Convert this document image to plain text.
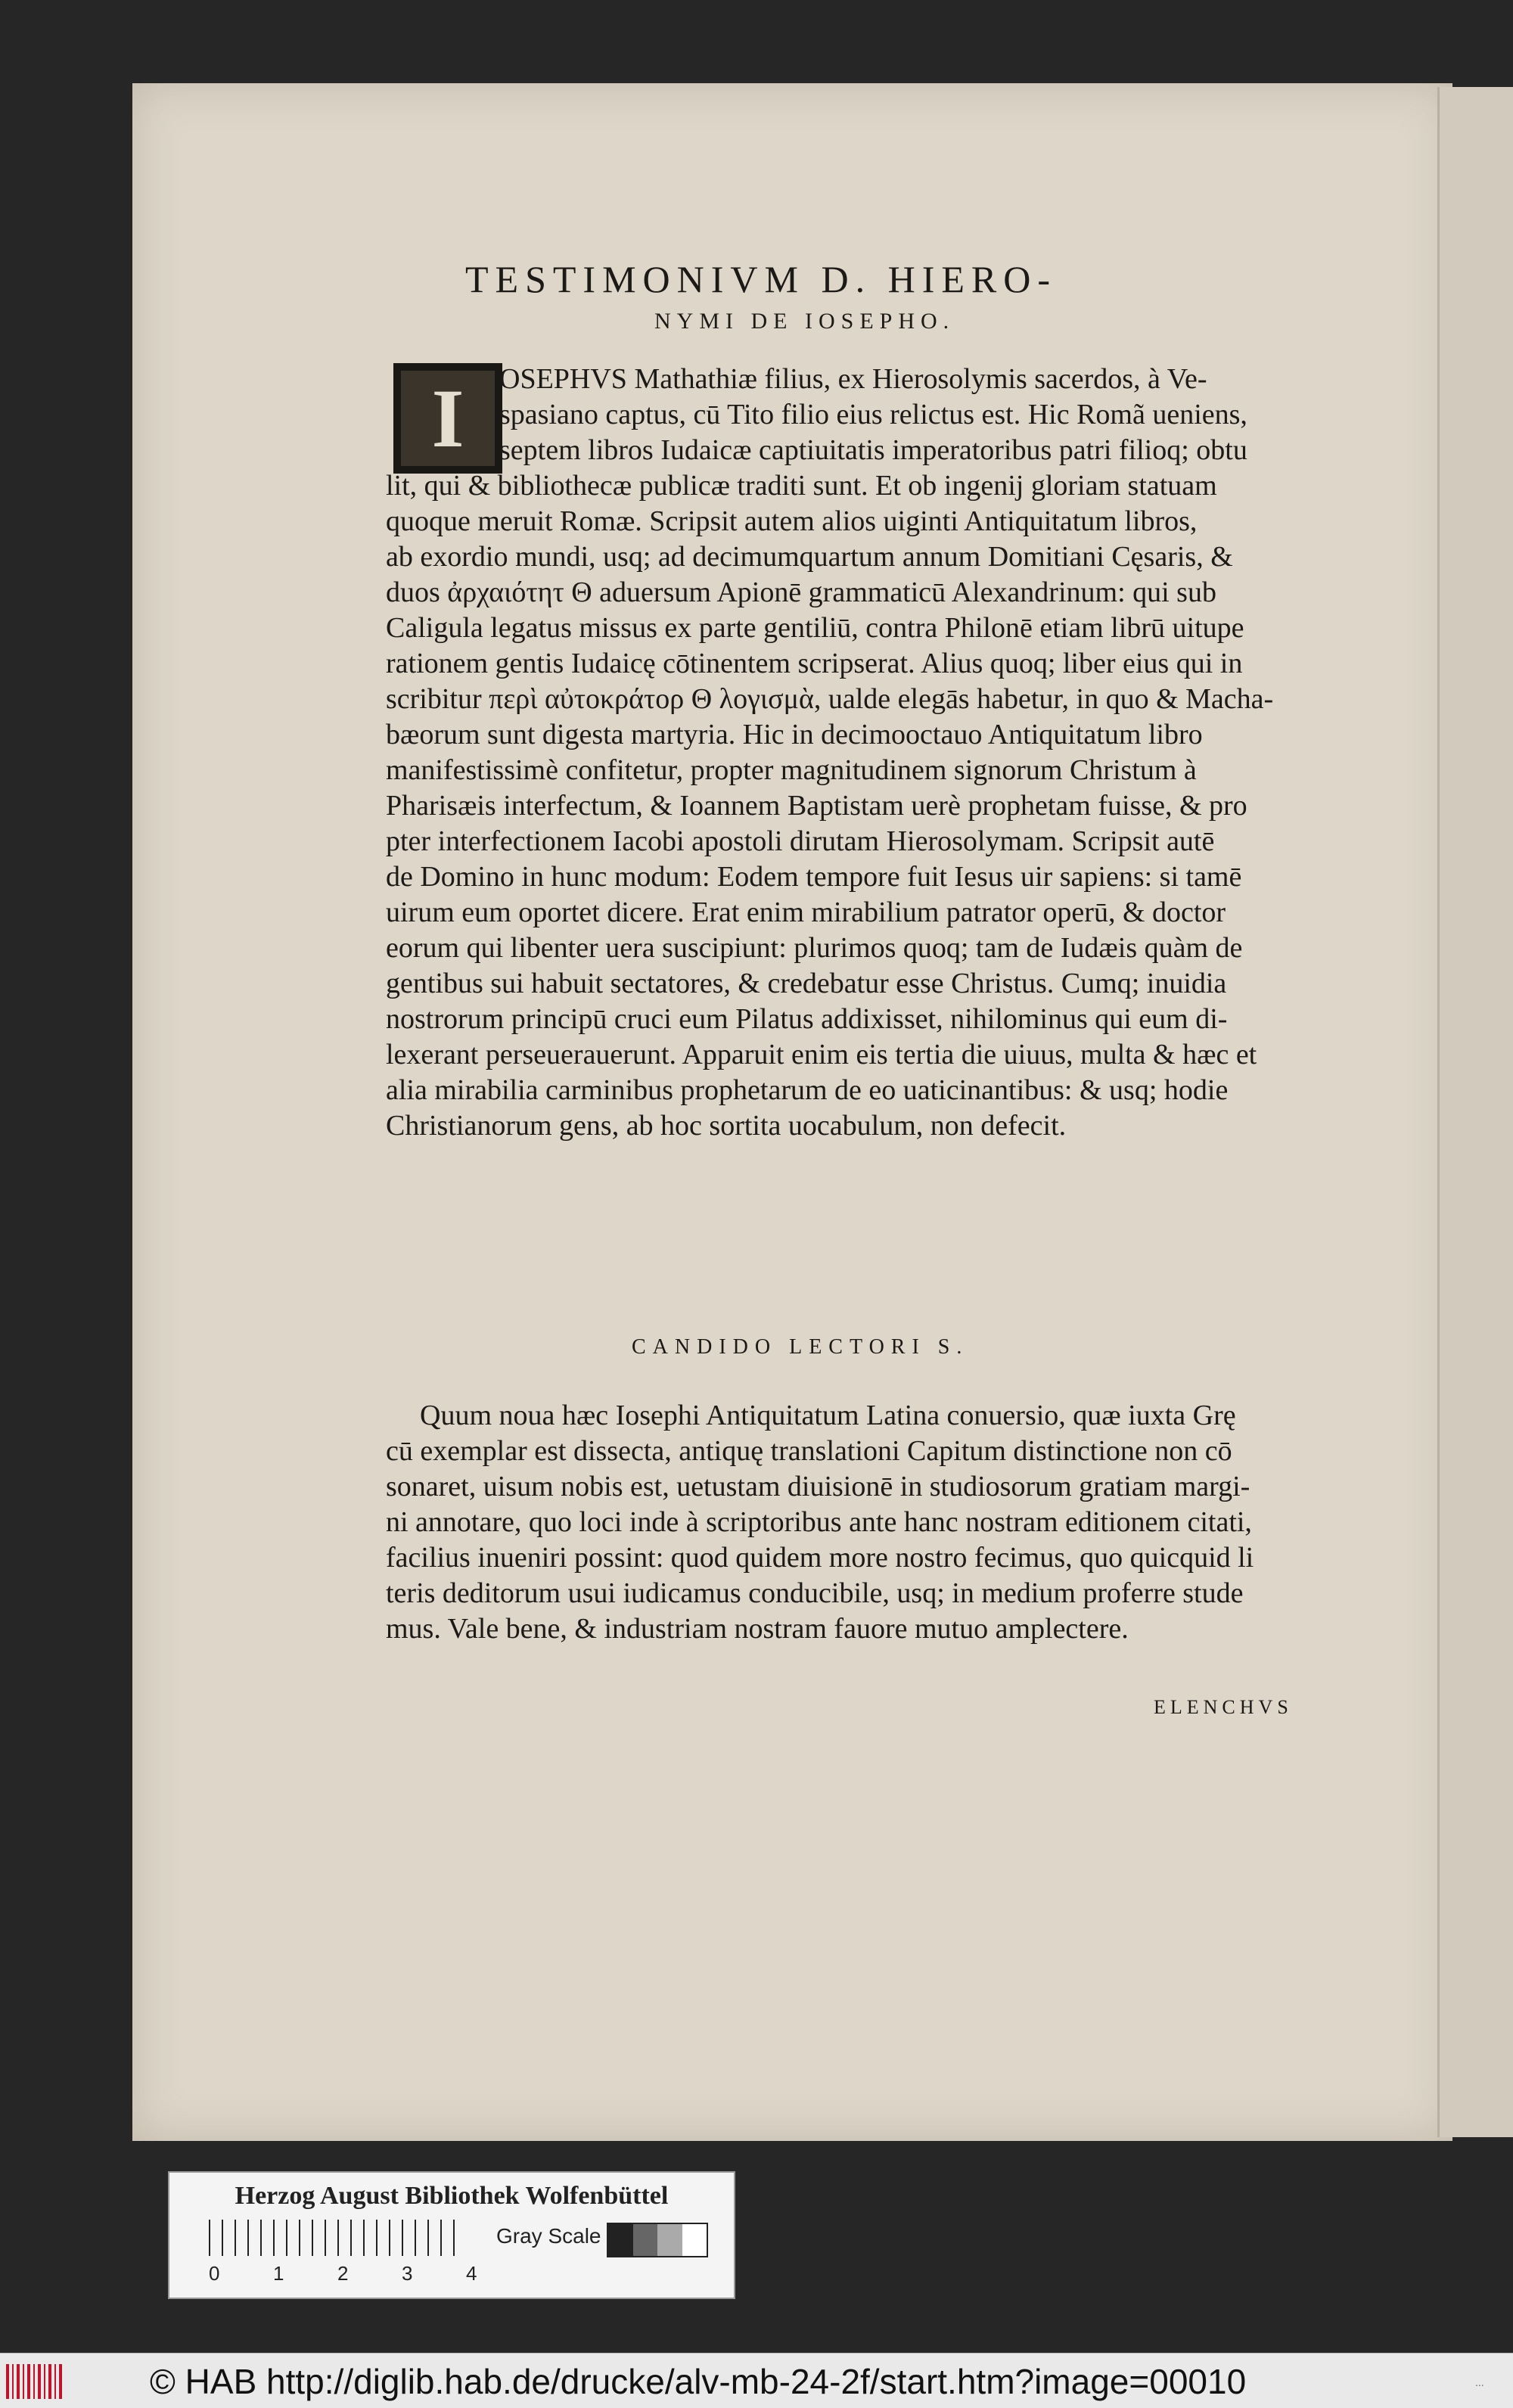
TESTIMONIVM D. HIERO-
NYMI DE IOSEPHO.
I	OSEPHVS Mathathiæ filius, ex Hierosolymis sacerdos, à Ve-
spasiano captus, cū Tito filio eius relictus est. Hic Romã ueniens,
septem libros Iudaicæ captiuitatis imperatoribus patri filioq; obtu
lit, qui & bibliothecæ publicæ traditi sunt. Et ob ingenij gloriam statuam
quoque meruit Romæ. Scripsit autem alios uiginti Antiquitatum libros,
ab exordio mundi, usq; ad decimumquartum annum Domitiani Cęsaris, &
duos ἀρχαιότητ Θ aduersum Apionē grammaticū Alexandrinum: qui sub
Caligula legatus missus ex parte gentiliū, contra Philonē etiam librū uitupe
rationem gentis Iudaicę cōtinentem scripserat. Alius quoq; liber eius qui in
scribitur περὶ αὐτοκράτορ Θ λογισμὰ, ualde elegās habetur, in quo & Macha-
bæorum sunt digesta martyria. Hic in decimooctauo Antiquitatum libro
manifestissimè confitetur, propter magnitudinem signorum Christum à
Pharisæis interfectum, & Ioannem Baptistam uerè prophetam fuisse, & pro
pter interfectionem Iacobi apostoli dirutam Hierosolymam. Scripsit autē
de Domino in hunc modum: Eodem tempore fuit Iesus uir sapiens: si tamē
uirum eum oportet dicere. Erat enim mirabilium patrator operū, & doctor
eorum qui libenter uera suscipiunt: plurimos quoq; tam de Iudæis quàm de
gentibus sui habuit sectatores, & credebatur esse Christus. Cumq; inuidia
nostrorum principū cruci eum Pilatus addixisset, nihilominus qui eum di-
lexerant perseuerauerunt. Apparuit enim eis tertia die uiuus, multa & hæc et
alia mirabilia carminibus prophetarum de eo uaticinantibus: & usq; hodie
Christianorum gens, ab hoc sortita uocabulum, non defecit.
CANDIDO LECTORI S.
Quum noua hæc Iosephi Antiquitatum Latina conuersio, quæ iuxta Grę
cū exemplar est dissecta, antiquę translationi Capitum distinctione non cō
sonaret, uisum nobis est, uetustam diuisionē in studiosorum gratiam margi-
ni annotare, quo loci inde à scriptoribus ante hanc nostram editionem citati,
facilius inueniri possint: quod quidem more nostro fecimus, quo quicquid li
teris deditorum usui iudicamus conducibile, usq; in medium proferre stude
mus. Vale bene, & industriam nostram fauore mutuo amplectere.
ELENCHVS
Herzog August Bibliothek Wolfenbüttel
0	1	2	3	4
Gray Scale
© HAB http://diglib.hab.de/drucke/alv-mb-24-2f/start.htm?image=00010	...
